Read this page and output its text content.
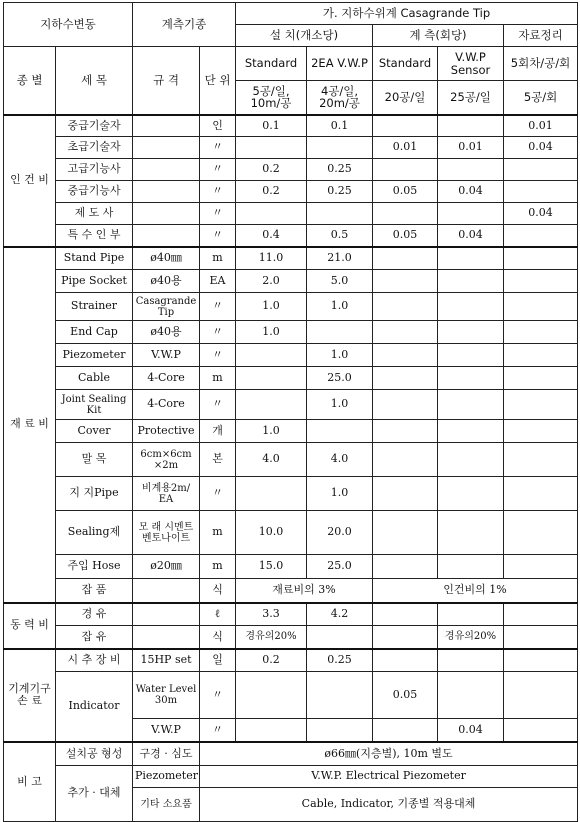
지하수변동		계측기종		가. 지하수위계 Casagrande Tip				
				설 치(개소당)		계 측(회당)		자료정리
종 별	세 목	규 격	단 위	Standard	2EA V.W.P	Standard	V.W.P Sensor	5회차/공/회
				5공/일, 10m/공	4공/일, 20m/공	20공/일	25공/일	5공/회
인 건 비	중급기술자		인	0.1	0.1			0.01
	초급기술자		〃			0.01	0.01	0.04
	고급기능사		〃	0.2	0.25			
	중급기능사		〃	0.2	0.25	0.05	0.04	
	제 도 사		〃					0.04
	특 수 인 부		〃	0.4	0.5	0.05	0.04	
재 료 비	Stand Pipe	ø40㎜	m	11.0	21.0			
	Pipe Socket	ø40용	EA	2.0	5.0			
	Strainer	Casagrande Tip	〃	1.0	1.0			
	End Cap	ø40용	〃	1.0				
	Piezometer	V.W.P	〃		1.0			
	Cable	4-Core	m		25.0			
	Joint Sealing Kit	4-Core	〃		1.0			
	Cover	Protective	개	1.0				
	말 목	6cm×6cm ×2m	본	4.0	4.0			
	지 지Pipe	비계용2m/ EA	〃		1.0			
	Sealing제	모 래 시멘트 벤토나이트	m	10.0	20.0			
	주입 Hose	ø20㎜	m	15.0	25.0			
	잡 품		식	재료비의 3%		인건비의 1%		
동 력 비	경 유		ℓ	3.3	4.2			
	잡 유		식	경유의20%			경유의20%	
기계기구 손 료	시 추 장 비	15HP set	일	0.2	0.25			
	Indicator	Water Level 30m	〃			0.05		
		V.W.P	〃				0.04	
비 고	설치공 형성	구경 · 심도	ø66㎜(지층별), 10m 별도					
	추가 · 대체	Piezometer	V.W.P. Electrical Piezometer					
		기타 소요품	Cable, Indicator, 기종별 적용대체					
